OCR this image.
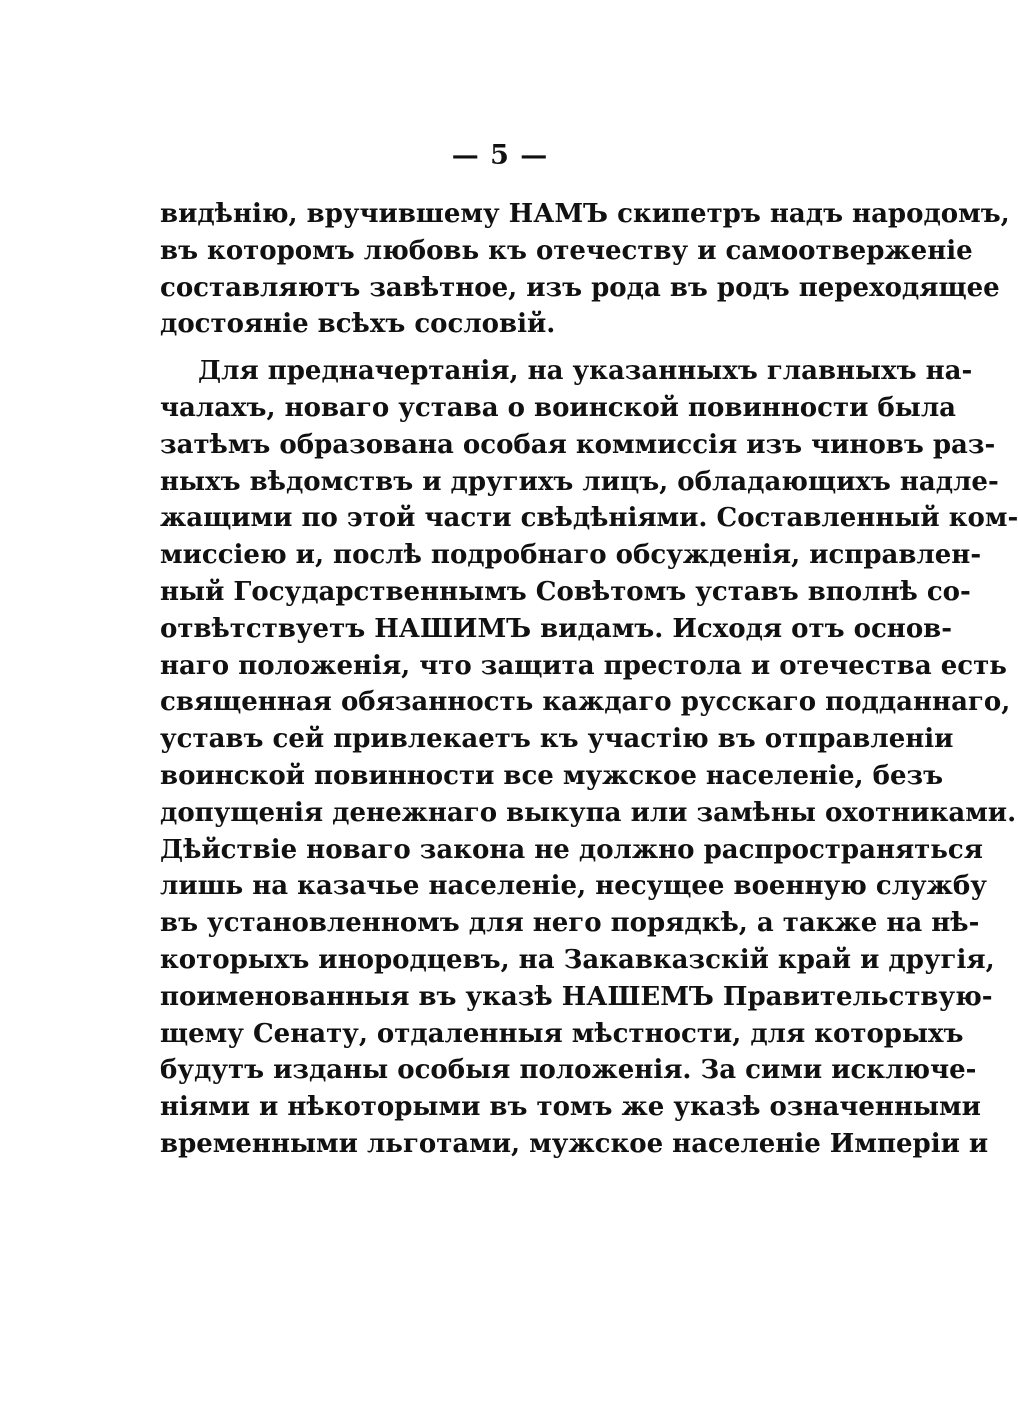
— 5 —
видѣнію, вручившему НАМЪ скипетръ надъ народомъ,
въ которомъ любовь къ отечеству и самоотверженіе
составляютъ завѣтное, изъ рода въ родъ переходящее
достояніе всѣхъ сословій.
Для предначертанія, на указанныхъ главныхъ на-
чалахъ, новаго устава о воинской повинности была
затѣмъ образована особая коммиссія изъ чиновъ раз-
ныхъ вѣдомствъ и другихъ лицъ, обладающихъ надле-
жащими по этой части свѣдѣніями. Составленный ком-
миссіею и, послѣ подробнаго обсужденія, исправлен-
ный Государственнымъ Совѣтомъ уставъ вполнѣ со-
отвѣтствуетъ НАШИМЪ видамъ. Исходя отъ основ-
наго положенія, что защита престола и отечества есть
священная обязанность каждаго русскаго подданнаго,
уставъ сей привлекаетъ къ участію въ отправленіи
воинской повинности все мужское населеніе, безъ
допущенія денежнаго выкупа или замѣны охотниками.
Дѣйствіе новаго закона не должно распространяться
лишь на казачье населеніе, несущее военную службу
въ установленномъ для него порядкѣ, а также на нѣ-
которыхъ инородцевъ, на Закавказскій край и другія,
поименованныя въ указѣ НАШЕМЪ Правительствую-
щему Сенату, отдаленныя мѣстности, для которыхъ
будутъ изданы особыя положенія. За сими исключе-
ніями и нѣкоторыми въ томъ же указѣ означенными
временными льготами, мужское населеніе Имперіи и
